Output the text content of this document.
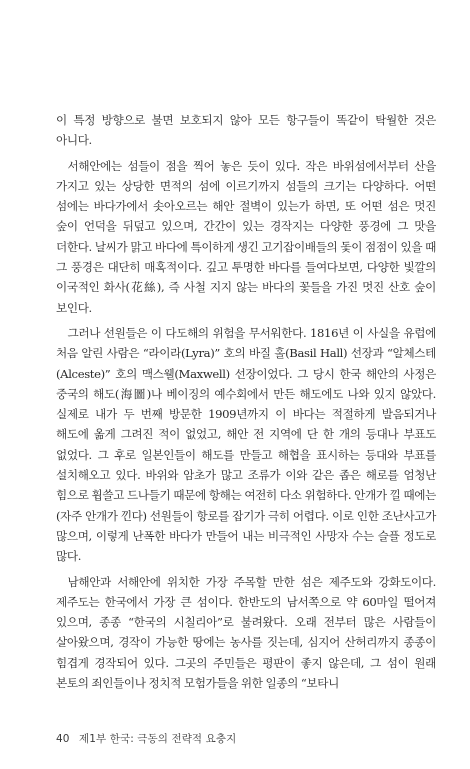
이 특정 방향으로 불면 보호되지 않아 모든 항구들이 똑같이 탁월한 것은 아니다.

서해안에는 섬들이 점을 찍어 놓은 듯이 있다. 작은 바위섬에서부터 산을 가지고 있는 상당한 면적의 섬에 이르기까지 섬들의 크기는 다양하다. 어떤 섬에는 바다가에서 솟아오르는 해안 절벽이 있는가 하면, 또 어떤 섬은 멋진 숲이 언덕을 뒤덮고 있으며, 간간이 있는 경작지는 다양한 풍경에 그 맛을 더한다. 날씨가 맑고 바다에 특이하게 생긴 고기잡이배들의 돛이 점점이 있을 때 그 풍경은 대단히 매혹적이다. 깊고 투명한 바다를 들여다보면, 다양한 빛깔의 이국적인 화사(花絲), 즉 사철 지지 않는 바다의 꽃들을 가진 멋진 산호 숲이 보인다.

그러나 선원들은 이 다도해의 위험을 무서워한다. 1816년 이 사실을 유럽에 처음 알린 사람은 “라이라(Lyra)” 호의 바질 홀(Basil Hall) 선장과 “알체스테(Alceste)” 호의 맥스웰(Maxwell) 선장이었다. 그 당시 한국 해안의 사정은 중국의 해도(海圖)나 베이징의 예수회에서 만든 해도에도 나와 있지 않았다. 실제로 내가 두 번째 방문한 1909년까지 이 바다는 적절하게 발음되거나 해도에 옮게 그려진 적이 없었고, 해안 전 지역에 단 한 개의 등대나 부표도 없었다. 그 후로 일본인들이 해도를 만들고 해협을 표시하는 등대와 부표를 설치해오고 있다. 바위와 암초가 많고 조류가 이와 같은 좁은 해로를 엄청난 힘으로 휩쓸고 드나들기 때문에 항해는 여전히 다소 위험하다. 안개가 낄 때에는(자주 안개가 낀다) 선원들이 항로를 잡기가 극히 어렵다. 이로 인한 조난사고가 많으며, 이렇게 난폭한 바다가 만들어 내는 비극적인 사망자 수는 슬플 정도로 많다.

남해안과 서해안에 위치한 가장 주목할 만한 섬은 제주도와 강화도이다. 제주도는 한국에서 가장 큰 섬이다. 한반도의 남서쪽으로 약 60마일 떨어져 있으며, 종종 “한국의 시칠리아”로 불려왔다. 오래 전부터 많은 사람들이 살아왔으며, 경작이 가능한 땅에는 농사를 짓는데, 심지어 산허리까지 종종이 힘겹게 경작되어 있다. 그곳의 주민들은 평판이 좋지 않은데, 그 섬이 원래 본토의 죄인들이나 정치적 모험가들을 위한 일종의 “보타니

40 제1부 한국: 극동의 전략적 요충지
